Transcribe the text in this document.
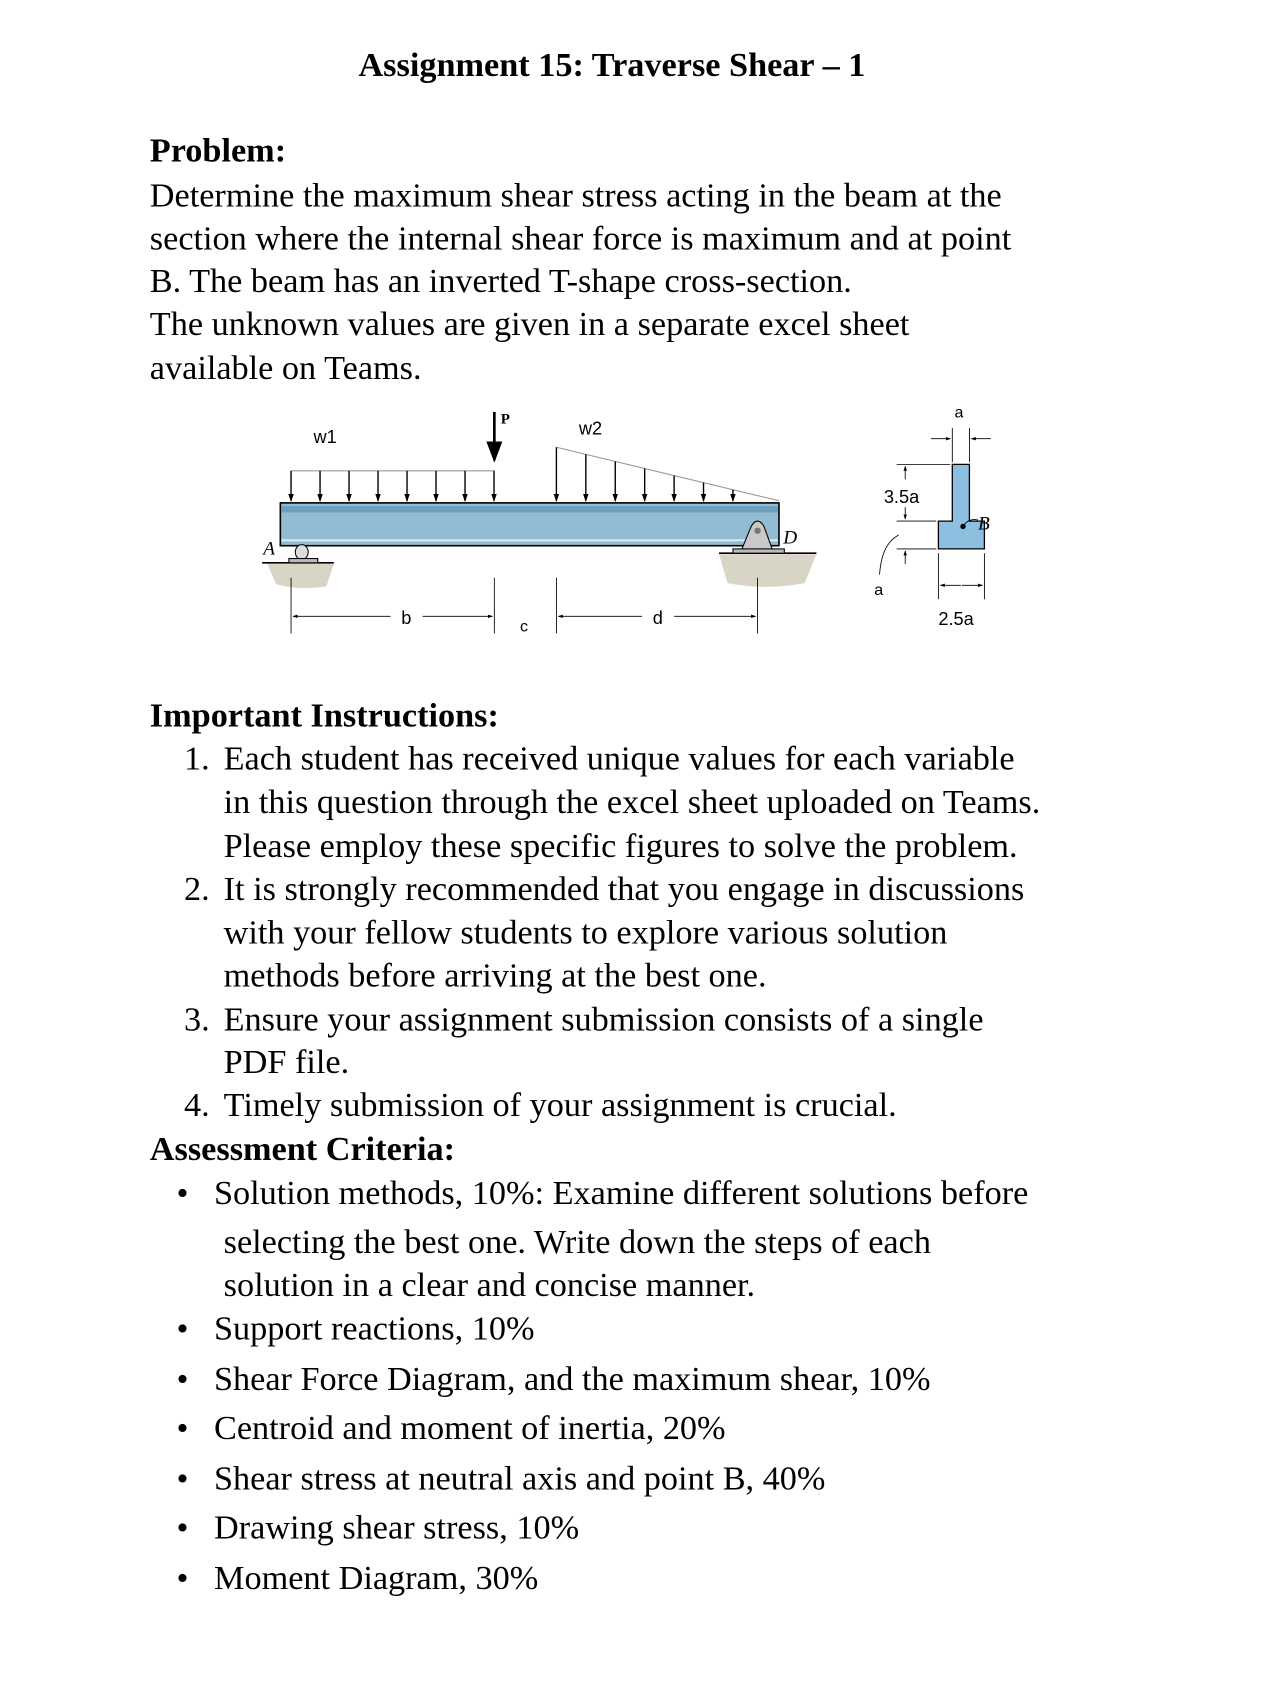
Assignment 15: Traverse Shear – 1
Problem:
Determine the maximum shear stress acting in the beam at the
section where the internal shear force is maximum and at point
B. The beam has an inverted T-shape cross-section.
The unknown values are given in a separate excel sheet
available on Teams.
A
D
w1
P	w2
b	c	d
B
a
3.5a
a
2.5a
Important Instructions:
1. Each student has received unique values for each variable
in this question through the excel sheet uploaded on Teams.
Please employ these specific figures to solve the problem.
2. It is strongly recommended that you engage in discussions
with your fellow students to explore various solution
methods before arriving at the best one.
3. Ensure your assignment submission consists of a single
PDF file.
4. Timely submission of your assignment is crucial.
Assessment Criteria:
• Solution methods, 10%: Examine different solutions before
selecting the best one. Write down the steps of each
solution in a clear and concise manner.
• Support reactions, 10%
• Shear Force Diagram, and the maximum shear, 10%
• Centroid and moment of inertia, 20%
• Shear stress at neutral axis and point B, 40%
• Drawing shear stress, 10%
• Moment Diagram, 30%
